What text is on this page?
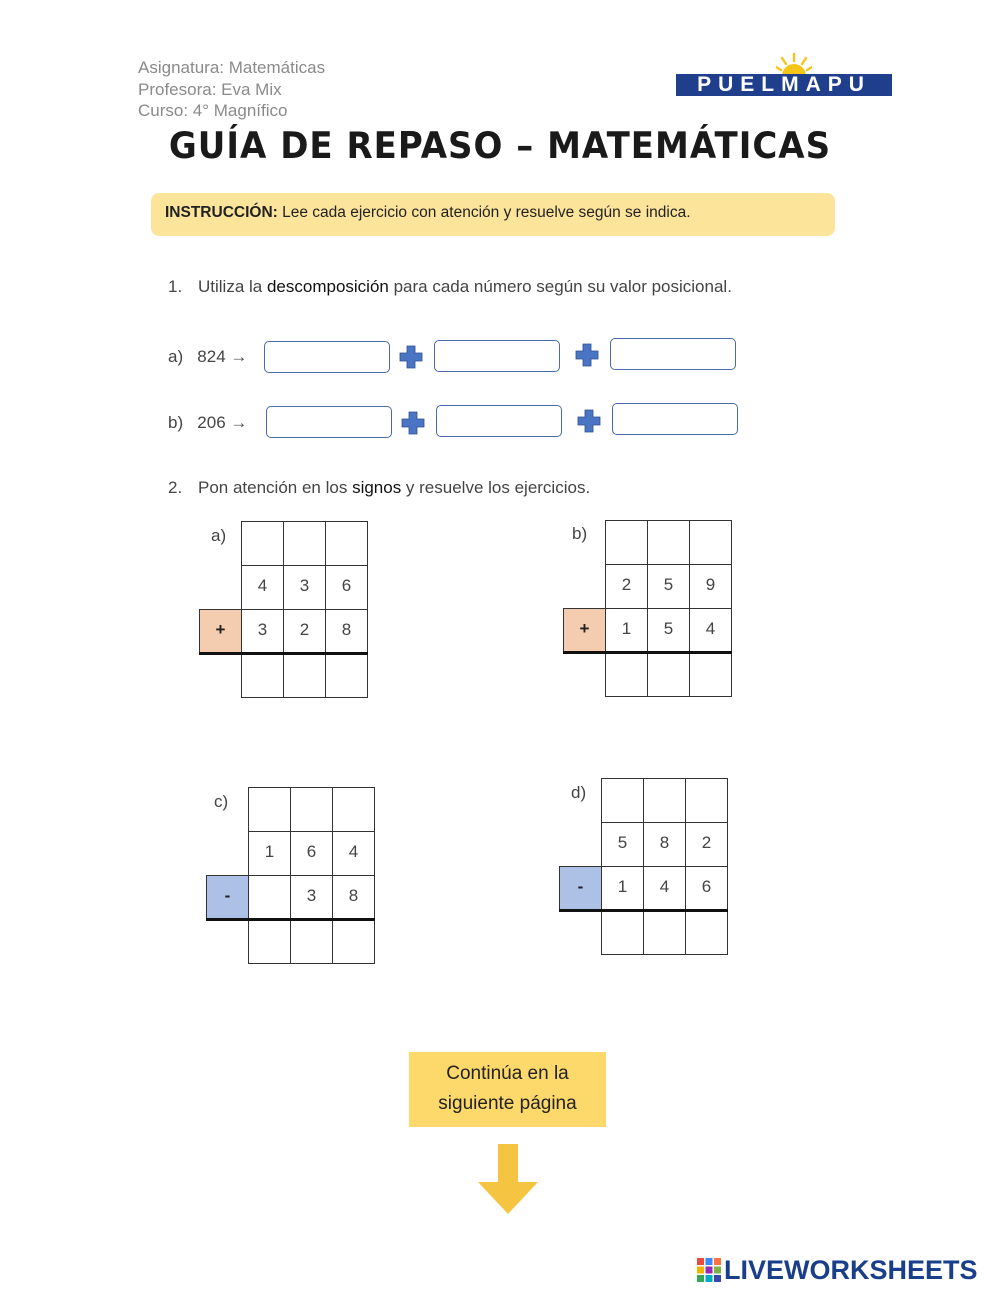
Asignatura: Matemáticas
Profesora: Eva Mix
Curso: 4° Magnífico
PUELMAPU
GUÍA DE REPASO – MATEMÁTICAS
INSTRUCCIÓN: Lee cada ejercicio con atención y resuelve según se indica.
1. Utiliza la descomposición para cada número según su valor posicional.
a) 824 →
b) 206 →
2. Pon atención en los signos y resuelve los ejercicios.
a)

	4	3	6
+	3	2	8

b)

	2	5	9
+	1	5	4

c)

	1	6	4
-		3	8

d)

	5	8	2
-	1	4	6

Continúa en la
siguiente página
LIVEWORKSHEETS
